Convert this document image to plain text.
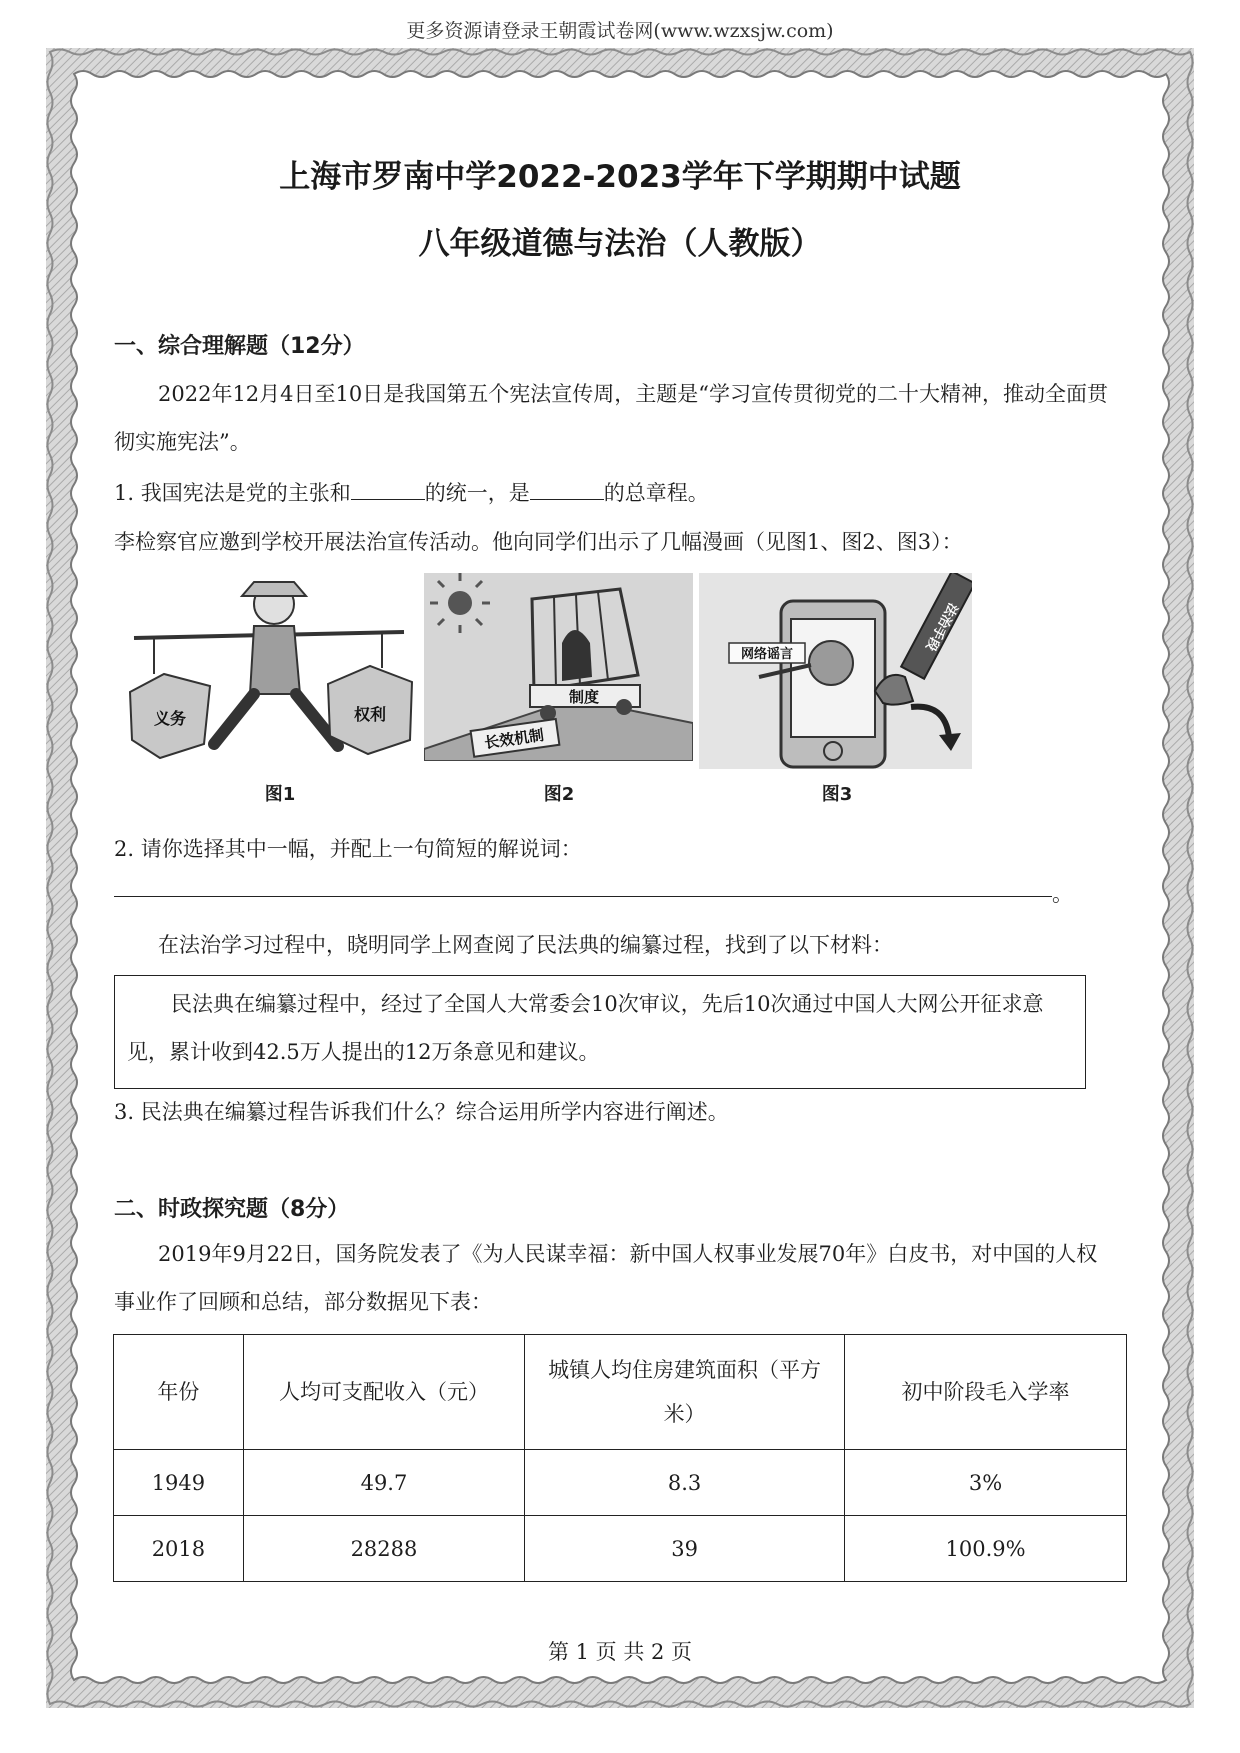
更多资源请登录王朝霞试卷网(www.wzxsjw.com)
上海市罗南中学2022-2023学年下学期期中试题
八年级道德与法治（人教版）
一、综合理解题（12分）
2022年12月4日至10日是我国第五个宪法宣传周，主题是“学习宣传贯彻党的二十大精神，推动全面贯彻实施宪法”。
1. 我国宪法是党的主张和	的统一，是	的总章程。
李检察官应邀到学校开展法治宣传活动。他向同学们出示了几幅漫画（见图1、图2、图3）：
义务	权利
图1
制度
长效机制
图2
网络谣言
法治手段
图3
2. 请你选择其中一幅，并配上一句简短的解说词：
。
在法治学习过程中，晓明同学上网查阅了民法典的编纂过程，找到了以下材料：
民法典在编纂过程中，经过了全国人大常委会10次审议，先后10次通过中国人大网公开征求意见，累计收到42.5万人提出的12万条意见和建议。
3. 民法典在编纂过程告诉我们什么？综合运用所学内容进行阐述。
二、时政探究题（8分）
2019年9月22日，国务院发表了《为人民谋幸福：新中国人权事业发展70年》白皮书，对中国的人权事业作了回顾和总结，部分数据见下表：
年份	人均可支配收入（元）	城镇人均住房建筑面积（平方米）	初中阶段毛入学率
1949	49.7	8.3	3%
2018	28288	39	100.9%
第 1 页 共 2 页
